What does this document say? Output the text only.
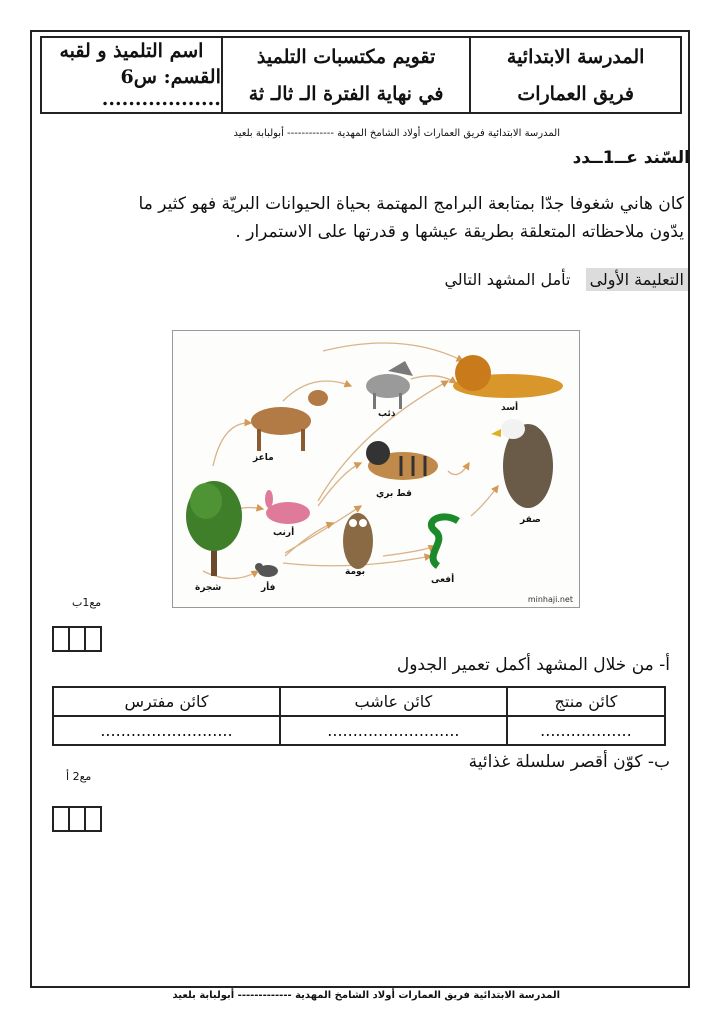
المدرسة الابتدائية
فريق العمارات
تقويم مكتسبات التلميذ
في نهاية الفترة الـ ثالـ ثة
اسم التلميذ و لقبه
القسم: س6 ..................
المدرسة الابتدائية فريق العمارات أولاد الشامخ المهدية ------------- أبولبابة بلعيد
السّند عــ1ــدد
كان هاني شغوفا جدّا بمتابعة البرامج المهتمة بحياة الحيوانات البريّة فهو كثير ما
يدّون ملاحظاته المتعلقة بطريقة عيشها و قدرتها على الاستمرار .
التعليمة الأولى تأمل المشهد التالي
شجرة
ماعز
أرنب
فأر
ذئب
قط بري
بومة
أسد
صقر
أفعى
minhaji.net
مع1ب
أ- من خلال المشهد أكمل تعمير الجدول
كائن منتج	كائن عاشب	كائن مفترس
..................	..........................	..........................
ب- كوّن أقصر سلسلة غذائية
مع2 أ
المدرسة الابتدائية فريق العمارات أولاد الشامخ المهدية ------------- أبولبابة بلعيد
